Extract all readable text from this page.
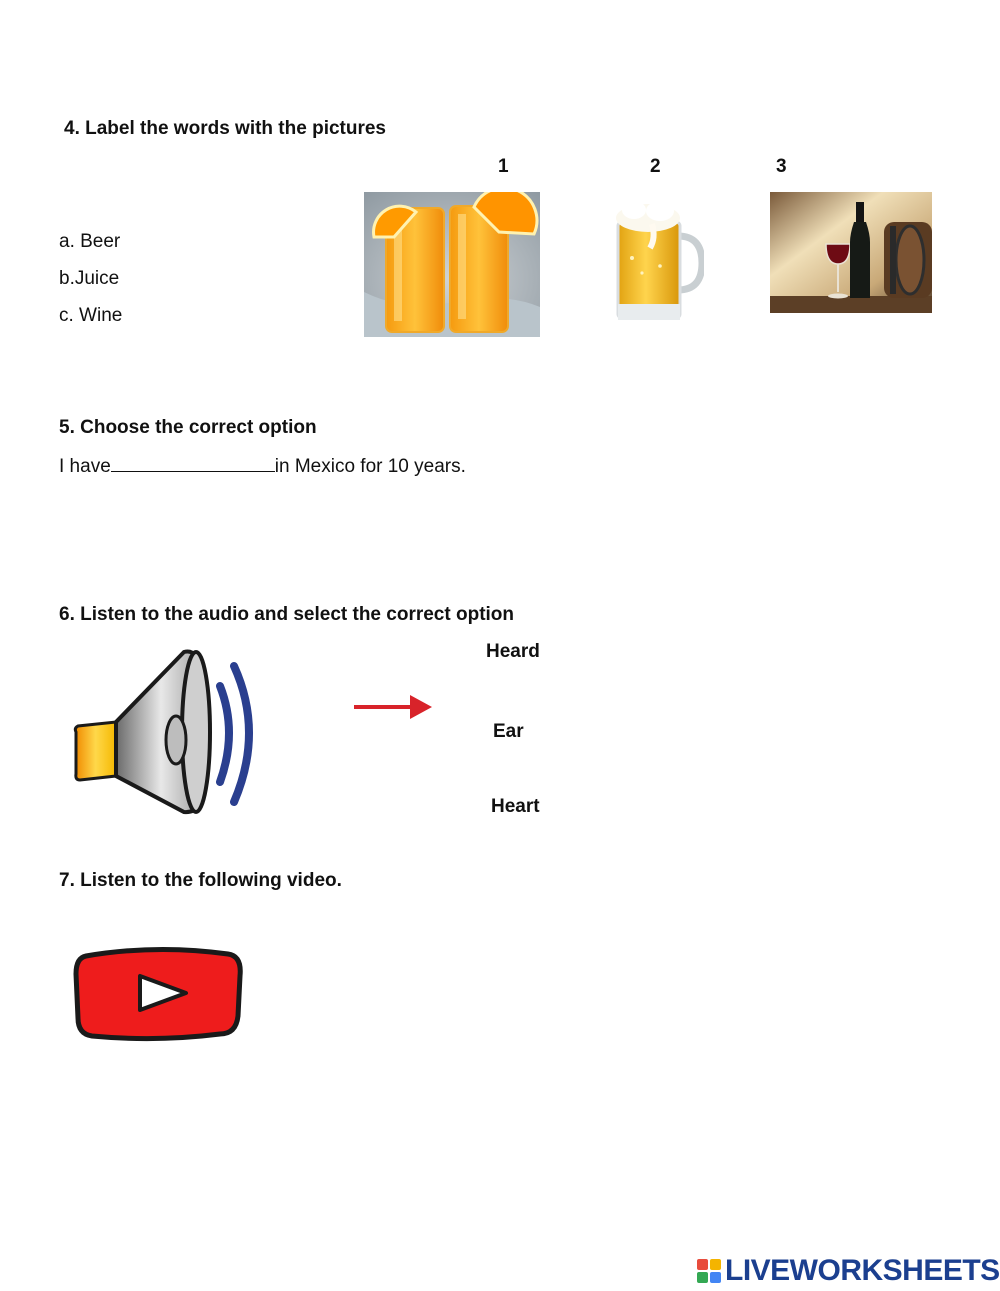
4. Label the words with the pictures
1	2	3
a. Beer
b.Juice
c. Wine
5. Choose the correct option
I have	in Mexico for 10 years.
6. Listen to the audio and select the correct option
Heard
Ear
Heart
7. Listen to the following video.
LIVEWORKSHEETS
